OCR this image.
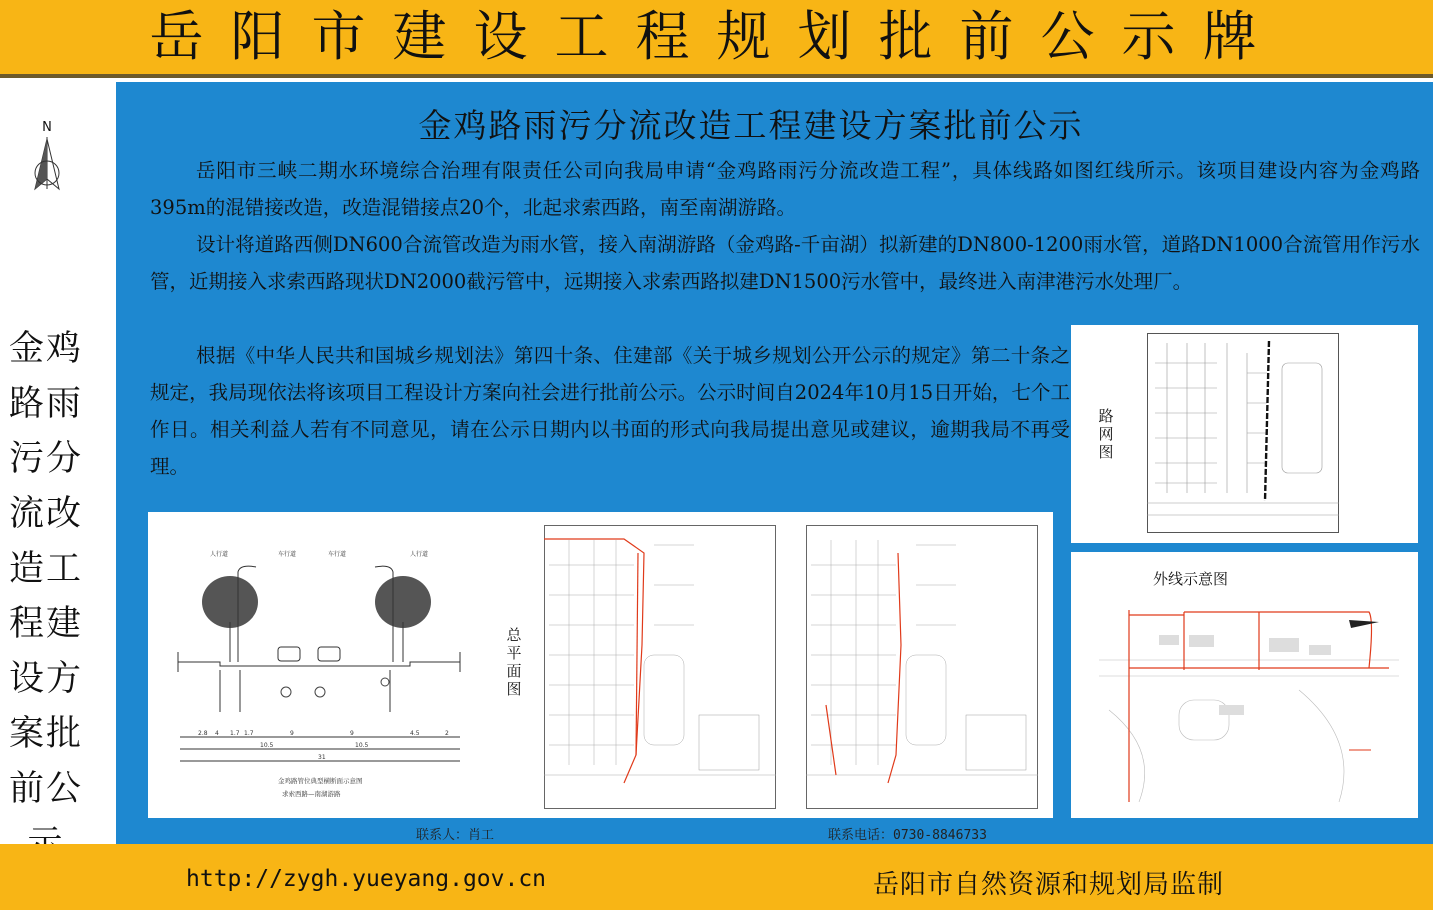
岳阳市建设工程规划批前公示牌
N
金鸡路雨污分流改造工程建设方案批前公
金鸡路雨污分流改造工程建设方案批前公示

岳阳市三峡二期水环境综合治理有限责任公司向我局申请“金鸡路雨污分流改造工程”，具体线路如图红线所示。该项目建设内容为金鸡路395m的混错接改造，改造混错接点20个，北起求索西路，南至南湖游路。

设计将道路西侧DN600合流管改造为雨水管，接入南湖游路（金鸡路-千亩湖）拟新建的DN800-1200雨水管，道路DN1000合流管用作污水管，近期接入求索西路现状DN2000截污管中，远期接入求索西路拟建DN1500污水管中，最终进入南津港污水处理厂。

根据《中华人民共和国城乡规划法》第四十条、住建部《关于城乡规划公开公示的规定》第二十条之规定，我局现依法将该项目工程设计方案向社会进行批前公示。公示时间自2024年10月15日开始，七个工作日。相关利益人若有不同意见，请在公示日期内以书面的形式向我局提出意见或建议，逾期我局不再受理。

路网图
外线示意图
人行道	车行道	车行道	人行道
2.8 4 1.7 1.7	9	9	4.5	2
10.5	10.5
31
金鸡路管位典型横断面示意图
求索西路—南湖游路
总平面图
联系人：肖工	联系电话：0730-8846733
http://zygh.yueyang.gov.cn	岳阳市自然资源和规划局监制
